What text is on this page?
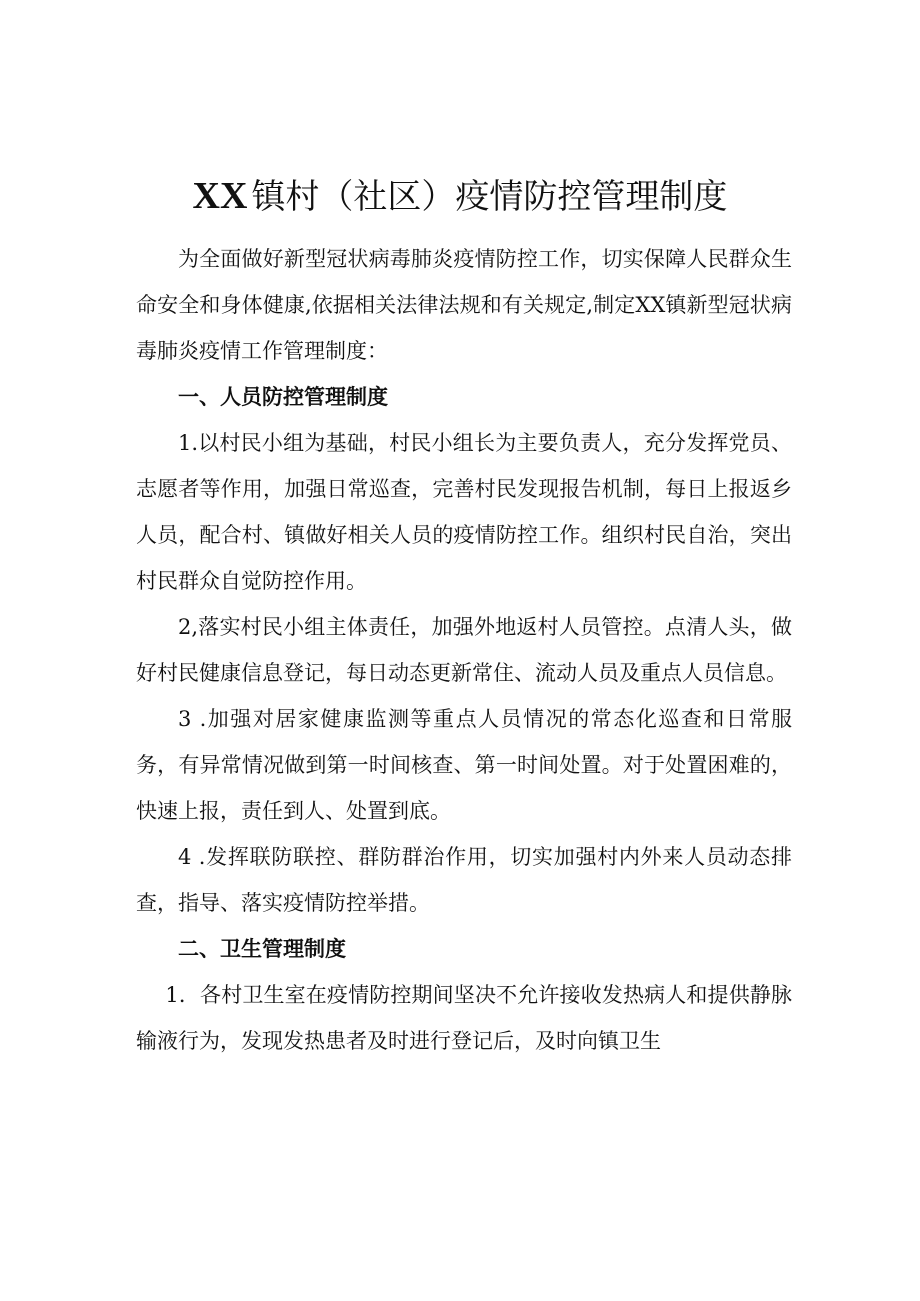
XX 镇村（社区）疫情防控管理制度

为全面做好新型冠状病毒肺炎疫情防控工作，切实保障人民群众生命安全和身体健康,依据相关法律法规和有关规定,制定XX镇新型冠状病毒肺炎疫情工作管理制度：

一、人员防控管理制度

1.以村民小组为基础，村民小组长为主要负责人，充分发挥党员、志愿者等作用，加强日常巡查，完善村民发现报告机制，每日上报返乡人员，配合村、镇做好相关人员的疫情防控工作。组织村民自治，突出村民群众自觉防控作用。

2,落实村民小组主体责任，加强外地返村人员管控。点清人头，做好村民健康信息登记，每日动态更新常住、流动人员及重点人员信息。

3 .加强对居家健康监测等重点人员情况的常态化巡查和日常服务，有异常情况做到第一时间核查、第一时间处置。对于处置困难的，快速上报，责任到人、处置到底。

4 .发挥联防联控、群防群治作用，切实加强村内外来人员动态排查，指导、落实疫情防控举措。

二、卫生管理制度

1．各村卫生室在疫情防控期间坚决不允许接收发热病人和提供静脉输液行为，发现发热患者及时进行登记后，及时向镇卫生
